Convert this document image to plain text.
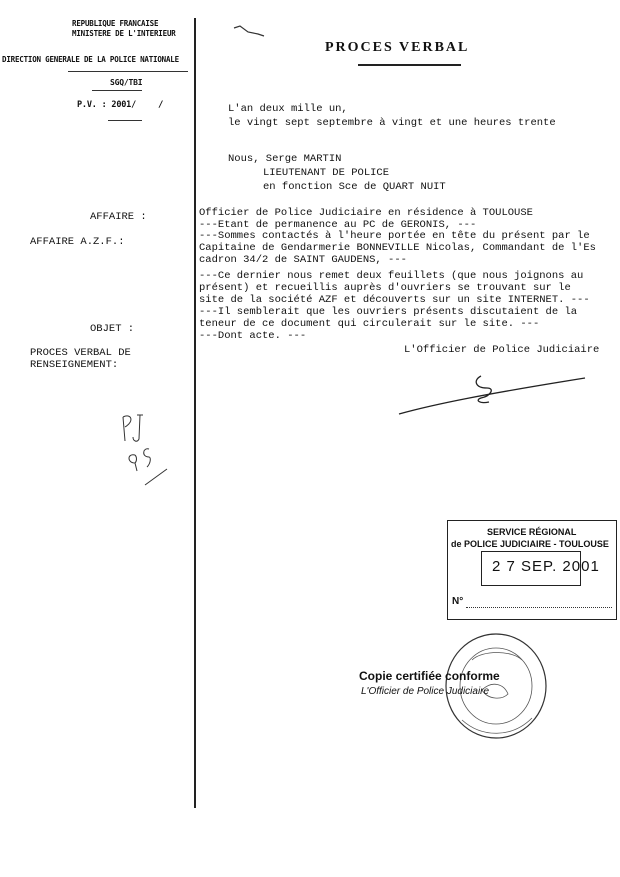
REPUBLIQUE FRANCAISE
MINISTERE DE L'INTERIEUR
DIRECTION GENERALE DE LA POLICE NATIONALE
SGQ/TBI
P.V. : 2001/ /
PROCES VERBAL
L'an deux mille un,
le vingt sept septembre à vingt et une heures trente
Nous, Serge MARTIN
LIEUTENANT DE POLICE
en fonction Sce de QUART NUIT
AFFAIRE :
AFFAIRE A.Z.F.:
OBJET :
PROCES VERBAL DE
RENSEIGNEMENT:
Officier de Police Judiciaire en résidence à TOULOUSE
---Etant de permanence au PC de GERONIS, ---
---Sommes contactés à l'heure portée en tête du présent par le
Capitaine de Gendarmerie BONNEVILLE Nicolas, Commandant de l'Es
cadron 34/2 de SAINT GAUDENS, ---
---Ce dernier nous remet deux feuillets (que nous joignons au
présent) et recueillis auprès d'ouvriers se trouvant sur le
site de la société AZF et découverts sur un site INTERNET. ---
---Il semblerait que les ouvriers présents discutaient de la
teneur de ce document qui circulerait sur le site. ---
---Dont acte. ---
L'Officier de Police Judiciaire
SERVICE RÉGIONAL
de POLICE JUDICIAIRE - TOULOUSE
2 7 SEP. 2001
N°
Copie certifiée conforme
L'Officier de Police Judiciaire
